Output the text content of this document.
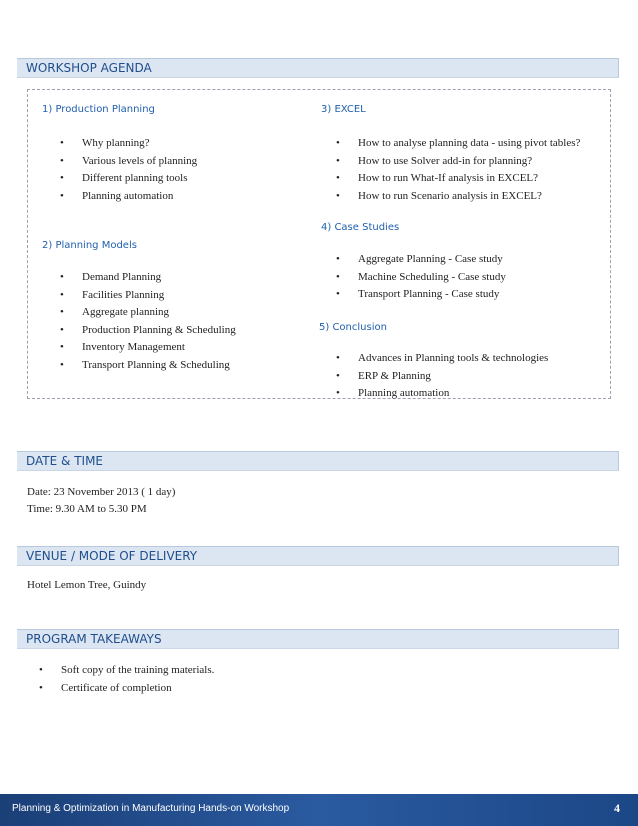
WORKSHOP AGENDA
1) Production Planning
• Why planning?
• Various levels of planning
• Different planning tools
• Planning automation
2) Planning Models
• Demand Planning
• Facilities Planning
• Aggregate planning
• Production Planning & Scheduling
• Inventory Management
• Transport Planning & Scheduling
3) EXCEL
• How to analyse planning data - using pivot tables?
• How to use Solver add-in for planning?
• How to run What-If analysis in EXCEL?
• How to run Scenario analysis in EXCEL?
4) Case Studies
• Aggregate Planning - Case study
• Machine Scheduling - Case study
• Transport Planning - Case study
5) Conclusion
• Advances in Planning tools & technologies
• ERP & Planning
• Planning automation
DATE & TIME
Date: 23 November 2013 ( 1 day)
Time: 9.30 AM to 5.30 PM
VENUE / MODE OF DELIVERY
Hotel Lemon Tree, Guindy
PROGRAM TAKEAWAYS
• Soft copy of the training materials.
• Certificate of completion
Planning & Optimization in Manufacturing Hands-on Workshop	4
